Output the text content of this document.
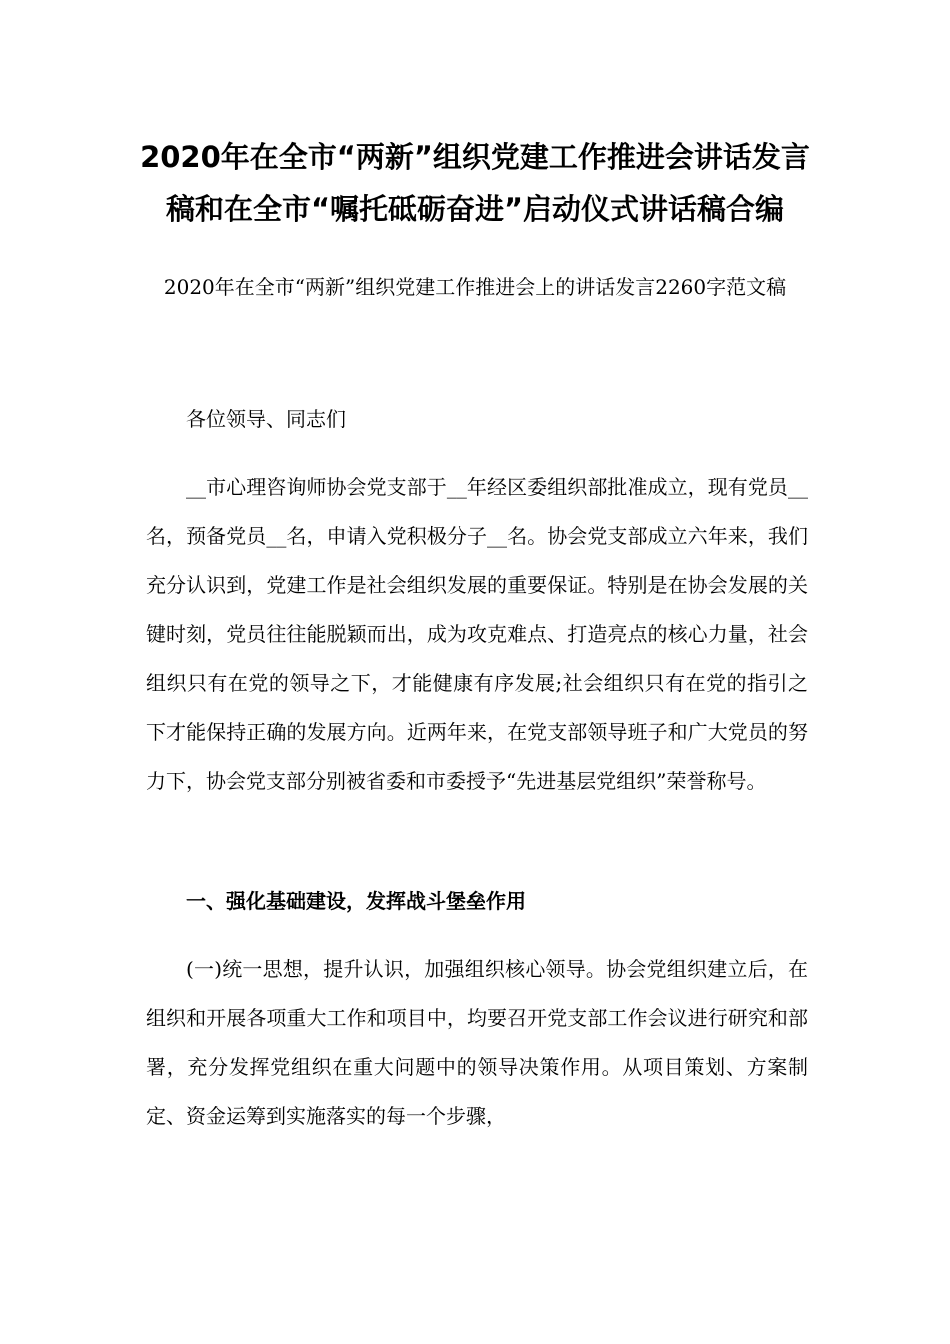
2020年在全市“两新”组织党建工作推进会讲话发言稿和在全市“嘱托砥砺奋进”启动仪式讲话稿合编
2020年在全市“两新”组织党建工作推进会上的讲话发言2260字范文稿

各位领导、同志们

__市心理咨询师协会党支部于__年经区委组织部批准成立，现有党员__名，预备党员__名，申请入党积极分子__名。协会党支部成立六年来，我们充分认识到，党建工作是社会组织发展的重要保证。特别是在协会发展的关键时刻，党员往往能脱颖而出，成为攻克难点、打造亮点的核心力量，社会组织只有在党的领导之下，才能健康有序发展;社会组织只有在党的指引之下才能保持正确的发展方向。近两年来，在党支部领导班子和广大党员的努力下，协会党支部分别被省委和市委授予“先进基层党组织”荣誉称号。

一、强化基础建设，发挥战斗堡垒作用

(一)统一思想，提升认识，加强组织核心领导。协会党组织建立后，在组织和开展各项重大工作和项目中，均要召开党支部工作会议进行研究和部署，充分发挥党组织在重大问题中的领导决策作用。从项目策划、方案制定、资金运筹到实施落实的每一个步骤，
